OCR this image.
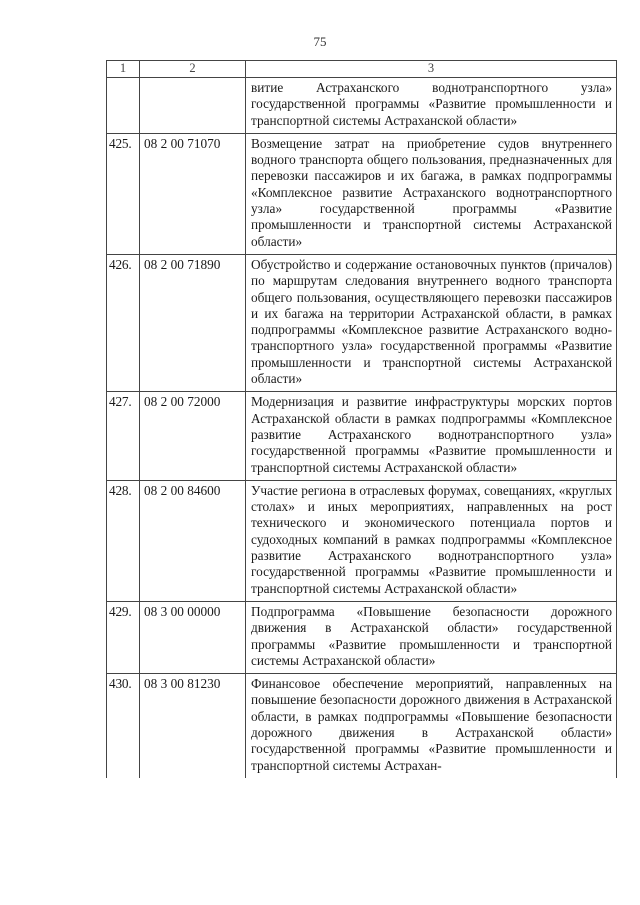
75
1	2	3
		витие Астраханского воднотранспортного узла» государственной программы «Развитие промышленности и транспортной системы Астраханской области»
425.	08 2 00 71070	Возмещение затрат на приобретение судов внутреннего водного транспорта общего пользования, предназначенных для перевозки пассажиров и их багажа, в рамках подпрограммы «Комплексное развитие Астраханского воднотранспортного узла» государственной программы «Развитие промышленности и транспортной системы Астраханской области»
426.	08 2 00 71890	Обустройство и содержание остановочных пунктов (причалов) по маршрутам следования внутреннего водного транспорта общего пользования, осуществляющего перевозки пассажиров и их багажа на территории Астраханской области, в рамках подпрограммы «Комплексное развитие Астраханского воднотранспортного узла» государственной программы «Развитие промышленности и транспортной системы Астраханской области»
427.	08 2 00 72000	Модернизация и развитие инфраструктуры морских портов Астраханской области в рамках подпрограммы «Комплексное развитие Астраханского воднотранспортного узла» государственной программы «Развитие промышленности и транспортной системы Астраханской области»
428.	08 2 00 84600	Участие региона в отраслевых форумах, совещаниях, «круглых столах» и иных мероприятиях, направленных на рост технического и экономического потенциала портов и судоходных компаний в рамках подпрограммы «Комплексное развитие Астраханского воднотранспортного узла» государственной программы «Развитие промышленности и транспортной системы Астраханской области»
429.	08 3 00 00000	Подпрограмма «Повышение безопасности дорожного движения в Астраханской области» государственной программы «Развитие промышленности и транспортной системы Астраханской области»
430.	08 3 00 81230	Финансовое обеспечение мероприятий, направленных на повышение безопасности дорожного движения в Астраханской области, в рамках подпрограммы «Повышение безопасности дорожного движения в Астраханской области» государственной программы «Развитие промышленности и транспортной системы Астрахан-
